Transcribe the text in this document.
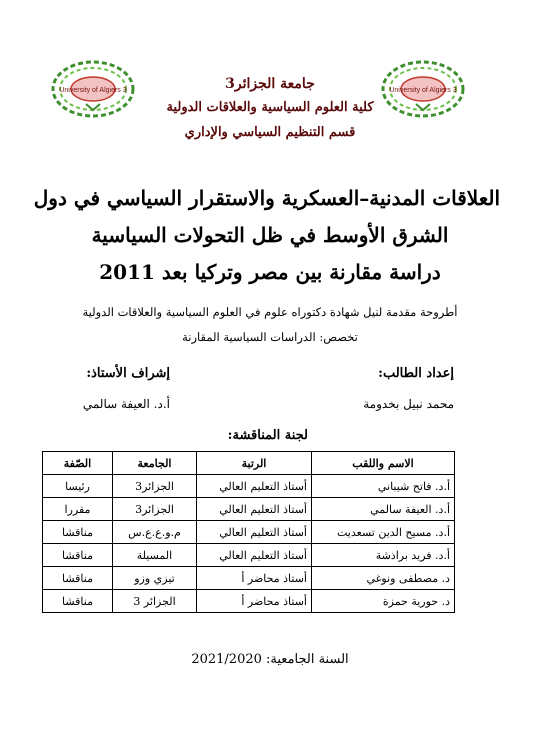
University of Algiers 3	University of Algiers 3
جامعة الجزائر3
كلية العلوم السياسية والعلاقات الدولية
قسم التنظيم السياسي والإداري
العلاقات المدنية–العسكرية والاستقرار السياسي في دول
الشرق الأوسط في ظل التحولات السياسية
دراسة مقارنة بين مصر وتركيا بعد 2011
أطروحة مقدمة لنيل شهادة دكتوراه علوم في العلوم السياسية والعلاقات الدولية
تخصص: الدراسات السياسية المقارنة
إعداد الطالب:
محمد نبيل بخدومة
إشراف الأستاذ:
أ.د. العيفة سالمي
لجنة المناقشة:
الاسم واللقب	الرتبة	الجامعة	الصّفة
أ.د. فاتح شيباني	أستاذ التعليم العالي	الجزائر3	رئيسا
أ.د. العيفة سالمي	أستاذ التعليم العالي	الجزائر3	مقررا
أ.د. مسيح الدين تسعديت	أستاذ التعليم العالي	م.و.ع.ع.س	مناقشا
أ.د. فريد براذشة	أستاذ التعليم العالي	المسيلة	مناقشا
د. مصطفى ونوغي	أستاذ محاضر أ	تيزي وزو	مناقشا
د. حورية حمزة	أستاذ محاضر أ	الجزائر 3	مناقشا
السنة الجامعية: 2021/2020
